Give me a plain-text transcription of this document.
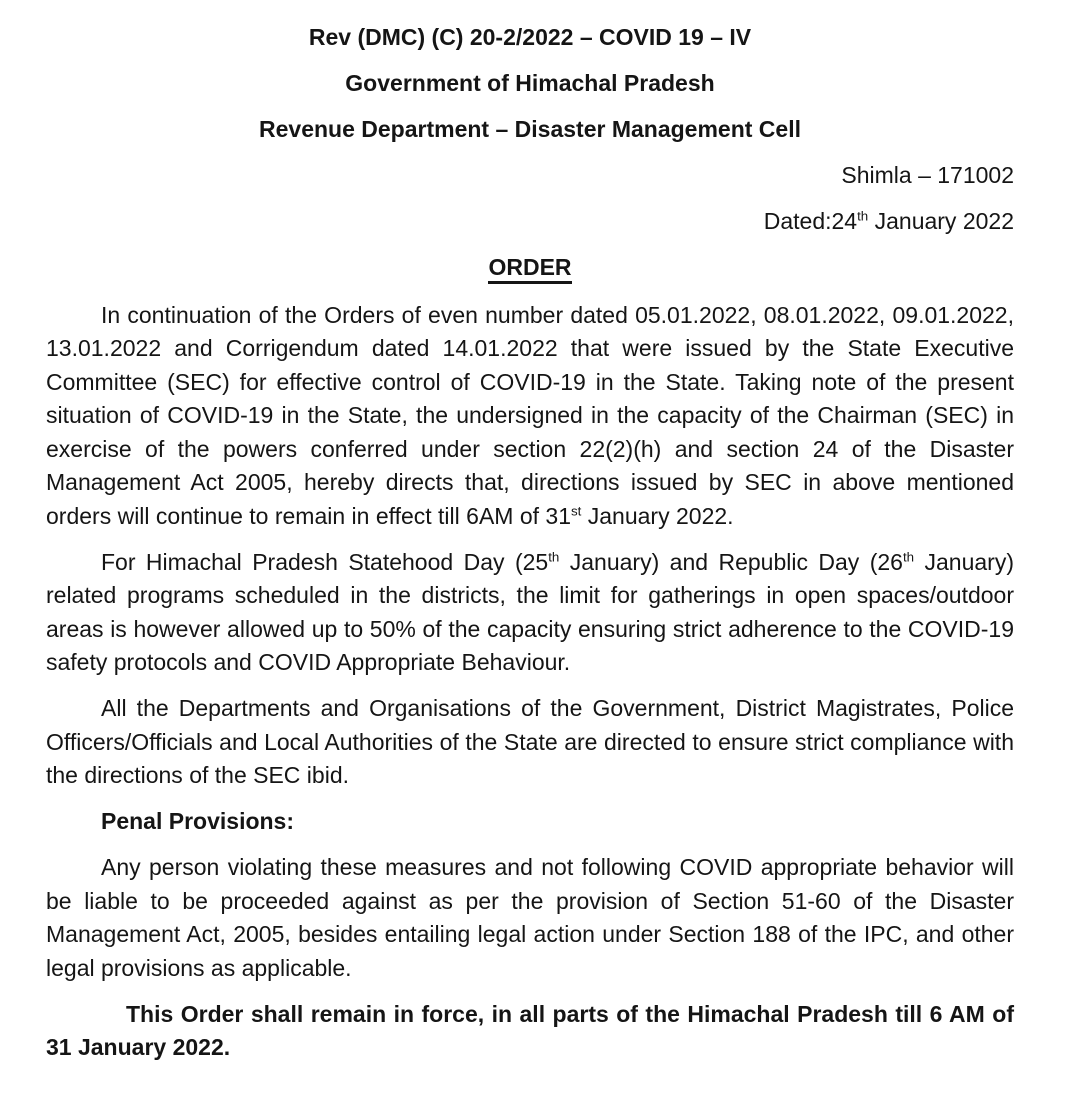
Rev (DMC) (C) 20-2/2022 – COVID 19 – IV

Government of Himachal Pradesh

Revenue Department – Disaster Management Cell

Shimla – 171002

Dated:24th January 2022

ORDER

In continuation of the Orders of even number dated 05.01.2022, 08.01.2022, 09.01.2022, 13.01.2022 and Corrigendum dated 14.01.2022 that were issued by the State Executive Committee (SEC) for effective control of COVID-19 in the State. Taking note of the present situation of COVID-19 in the State, the undersigned in the capacity of the Chairman (SEC) in exercise of the powers conferred under section 22(2)(h) and section 24 of the Disaster Management Act 2005, hereby directs that, directions issued by SEC in above mentioned orders will continue to remain in effect till 6AM of 31st January 2022.

For Himachal Pradesh Statehood Day (25th January) and Republic Day (26th January) related programs scheduled in the districts, the limit for gatherings in open spaces/outdoor areas is however allowed up to 50% of the capacity ensuring strict adherence to the COVID-19 safety protocols and COVID Appropriate Behaviour.

All the Departments and Organisations of the Government, District Magistrates, Police Officers/Officials and Local Authorities of the State are directed to ensure strict compliance with the directions of the SEC ibid.

Penal Provisions:

Any person violating these measures and not following COVID appropriate behavior will be liable to be proceeded against as per the provision of Section 51-60 of the Disaster Management Act, 2005, besides entailing legal action under Section 188 of the IPC, and other legal provisions as applicable.

This Order shall remain in force, in all parts of the Himachal Pradesh till 6 AM of 31 January 2022.
